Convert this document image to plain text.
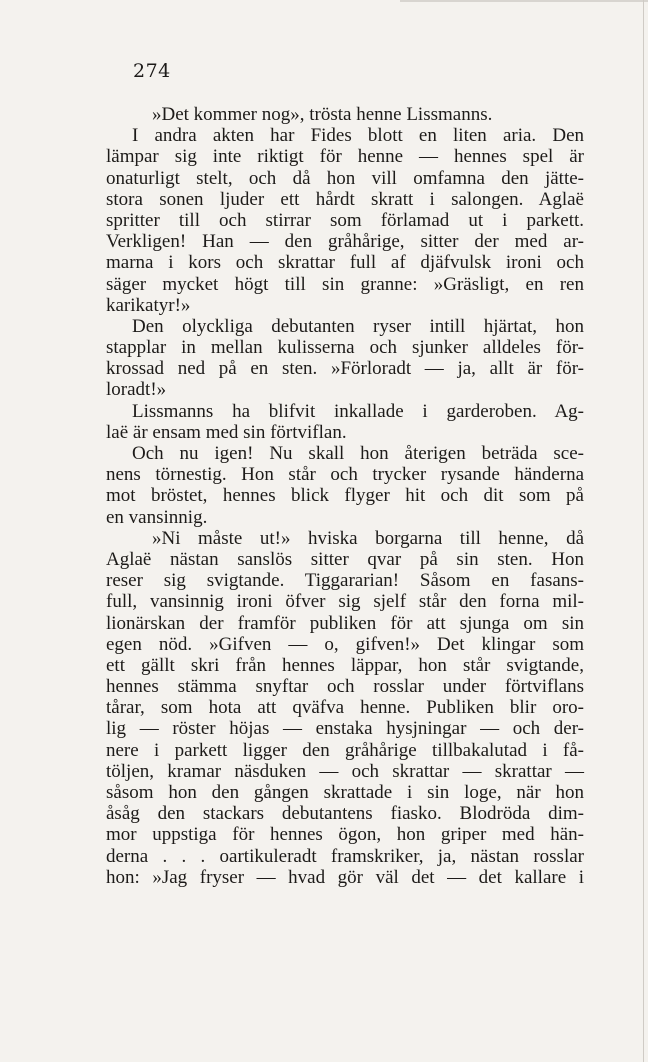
274
»Det kommer nog», trösta henne Lissmanns.
I andra akten har Fides blott en liten aria. Den
lämpar sig inte riktigt för henne — hennes spel är
onaturligt stelt, och då hon vill omfamna den jätte-
stora sonen ljuder ett hårdt skratt i salongen. Aglaë
spritter till och stirrar som förlamad ut i parkett.
Verkligen! Han — den gråhårige, sitter der med ar-
marna i kors och skrattar full af djäfvulsk ironi och
säger mycket högt till sin granne: »Gräsligt, en ren
karikatyr!»
Den olyckliga debutanten ryser intill hjärtat, hon
stapplar in mellan kulisserna och sjunker alldeles för-
krossad ned på en sten. »Förloradt — ja, allt är för-
loradt!»
Lissmanns ha blifvit inkallade i garderoben. Ag-
laë är ensam med sin förtviflan.
Och nu igen! Nu skall hon återigen beträda sce-
nens törnestig. Hon står och trycker rysande händerna
mot bröstet, hennes blick flyger hit och dit som på
en vansinnig.
»Ni måste ut!» hviska borgarna till henne, då
Aglaë nästan sanslös sitter qvar på sin sten. Hon
reser sig svigtande. Tiggararian! Såsom en fasans-
full, vansinnig ironi öfver sig sjelf står den forna mil-
lionärskan der framför publiken för att sjunga om sin
egen nöd. »Gifven — o, gifven!» Det klingar som
ett gällt skri från hennes läppar, hon står svigtande,
hennes stämma snyftar och rosslar under förtviflans
tårar, som hota att qväfva henne. Publiken blir oro-
lig — röster höjas — enstaka hysjningar — och der-
nere i parkett ligger den gråhårige tillbakalutad i få-
töljen, kramar näsduken — och skrattar — skrattar —
såsom hon den gången skrattade i sin loge, när hon
åsåg den stackars debutantens fiasko. Blodröda dim-
mor uppstiga för hennes ögon, hon griper med hän-
derna . . . oartikuleradt framskriker, ja, nästan rosslar
hon: »Jag fryser — hvad gör väl det — det kallare i
